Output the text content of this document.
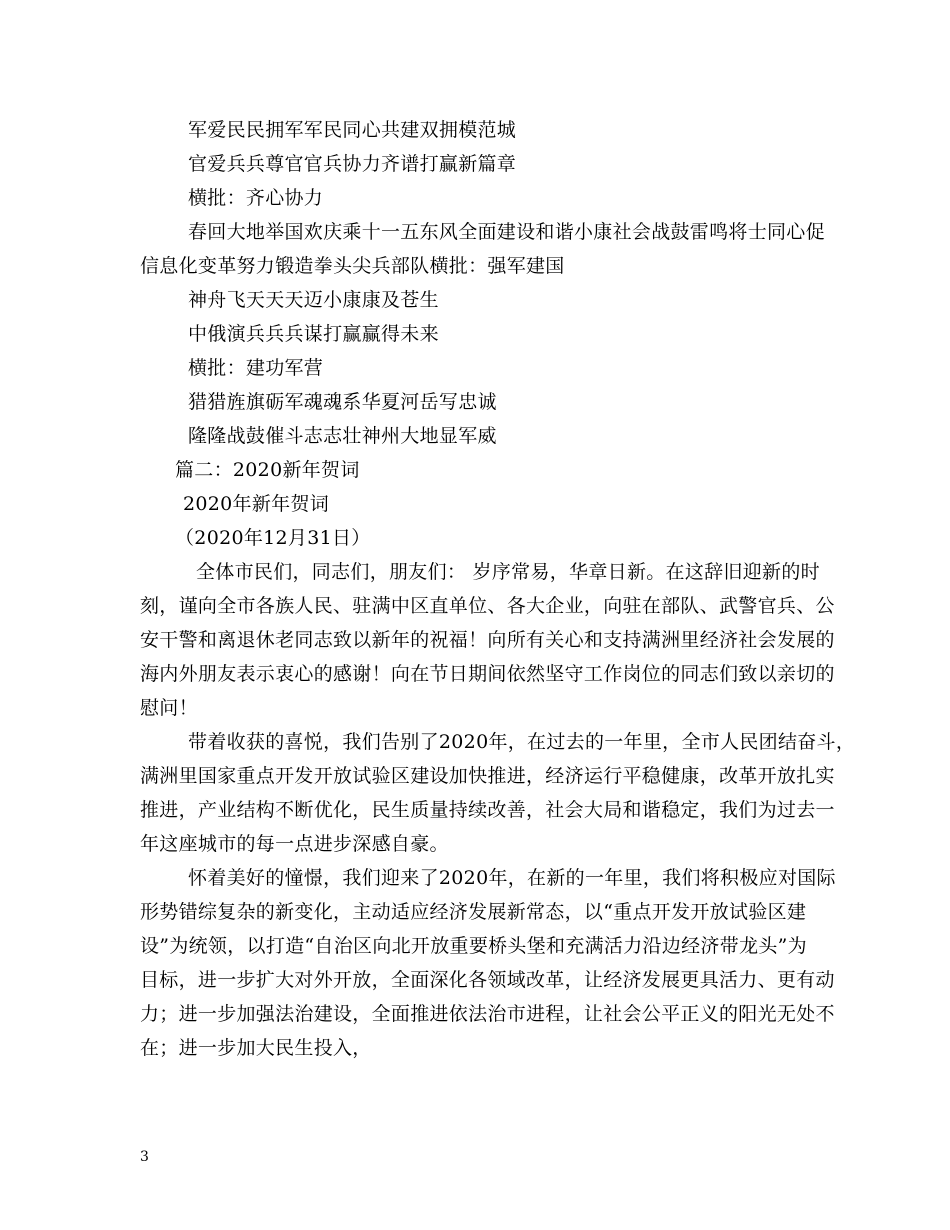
军爱民民拥军军民同心共建双拥模范城
官爱兵兵尊官官兵协力齐谱打赢新篇章
横批：齐心协力
春回大地举国欢庆乘十一五东风全面建设和谐小康社会战鼓雷鸣将士同心促
信息化变革努力锻造拳头尖兵部队横批：强军建国
神舟飞天天天迈小康康及苍生
中俄演兵兵兵谋打赢赢得未来
横批：建功军营
猎猎旌旗砺军魂魂系华夏河岳写忠诚
隆隆战鼓催斗志志壮神州大地显军威
篇二：2020新年贺词
2020年新年贺词
（2020年12月31日）
全体市民们，同志们，朋友们： 岁序常易，华章日新。在这辞旧迎新的时
刻，谨向全市各族人民、驻满中区直单位、各大企业，向驻在部队、武警官兵、公
安干警和离退休老同志致以新年的祝福！向所有关心和支持满洲里经济社会发展的
海内外朋友表示衷心的感谢！向在节日期间依然坚守工作岗位的同志们致以亲切的
慰问！
带着收获的喜悦，我们告别了2020年，在过去的一年里，全市人民团结奋斗，
满洲里国家重点开发开放试验区建设加快推进，经济运行平稳健康，改革开放扎实
推进，产业结构不断优化，民生质量持续改善，社会大局和谐稳定，我们为过去一
年这座城市的每一点进步深感自豪。
怀着美好的憧憬，我们迎来了2020年，在新的一年里，我们将积极应对国际
形势错综复杂的新变化，主动适应经济发展新常态，以“重点开发开放试验区建
设”为统领，以打造“自治区向北开放重要桥头堡和充满活力沿边经济带龙头”为
目标，进一步扩大对外开放，全面深化各领域改革，让经济发展更具活力、更有动
力；进一步加强法治建设，全面推进依法治市进程，让社会公平正义的阳光无处不
在；进一步加大民生投入，
3
